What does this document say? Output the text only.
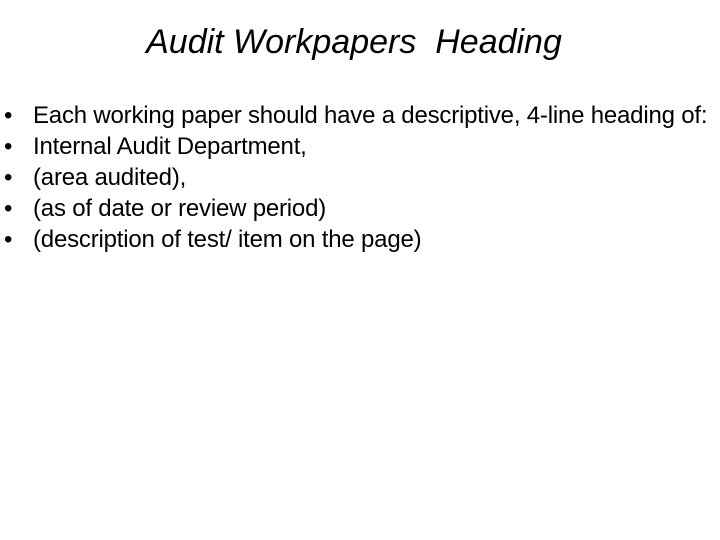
Audit Workpapers  Heading
• Each working paper should have a descriptive, 4-line heading of:
• Internal Audit Department,
• (area audited),
• (as of date or review period)
• (description of test/ item on the page)
